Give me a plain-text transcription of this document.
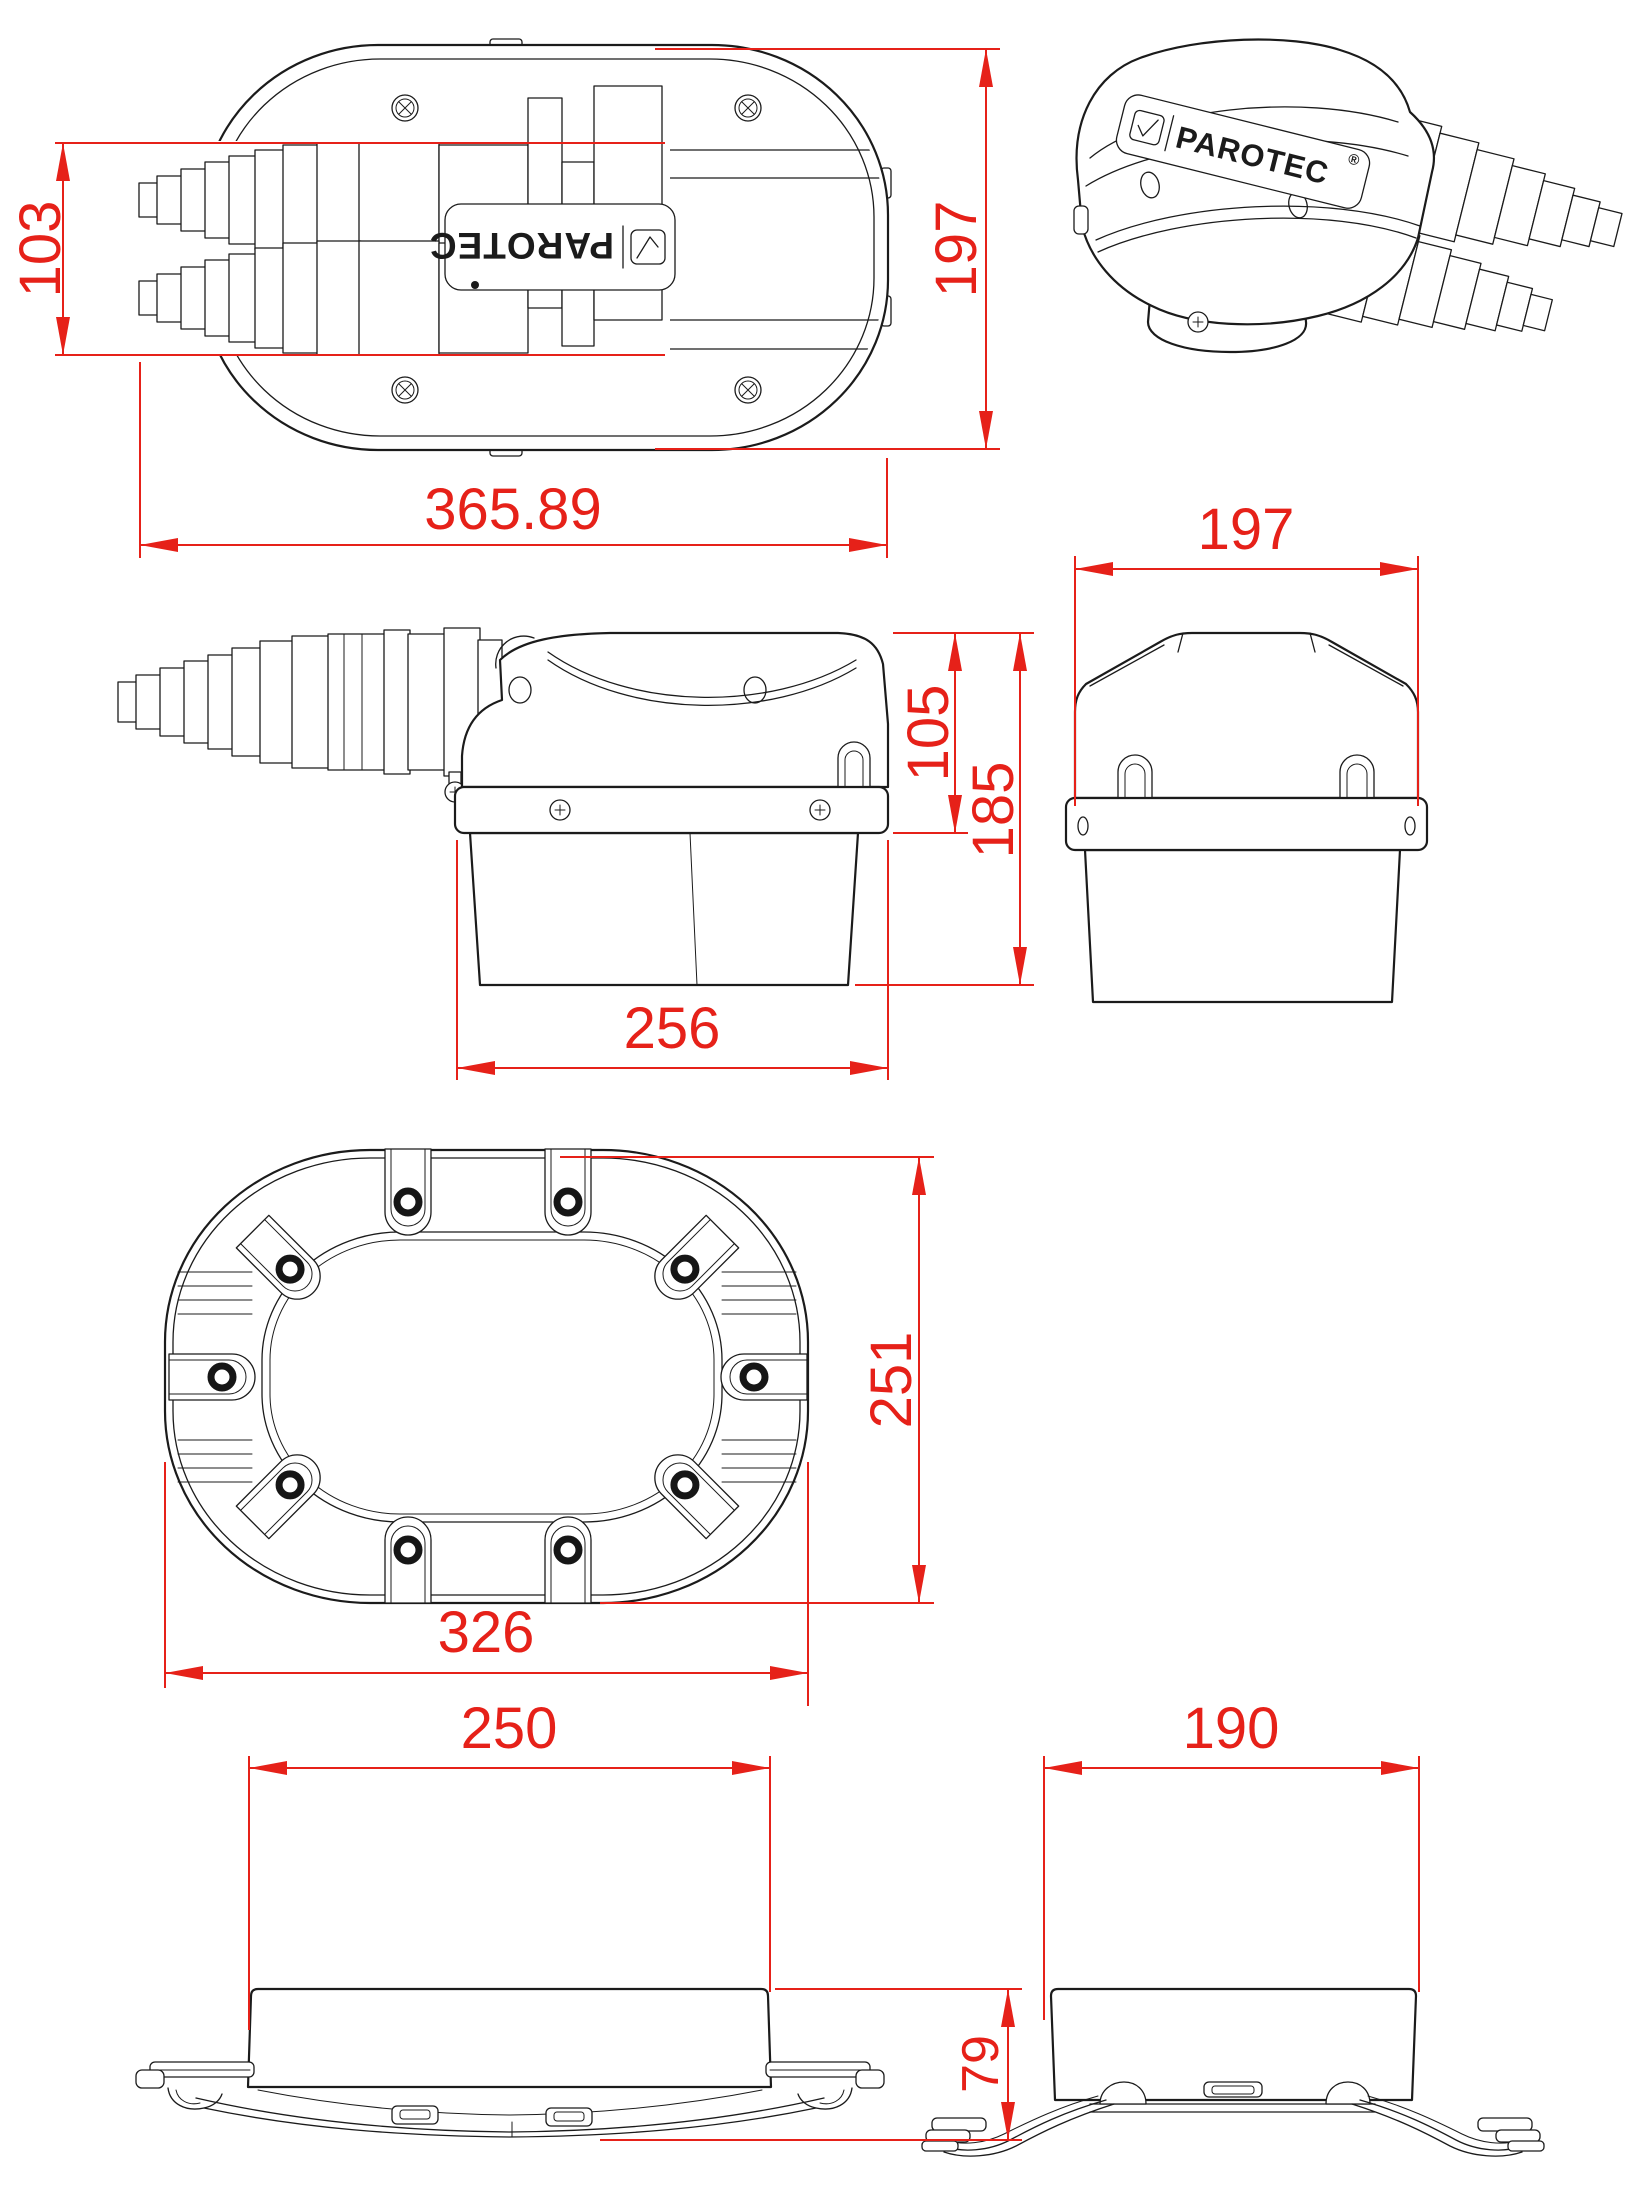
PAROTEC
PAROTEC ®
103
365.89
197
105
185
256
197
251
326
250
79
190
